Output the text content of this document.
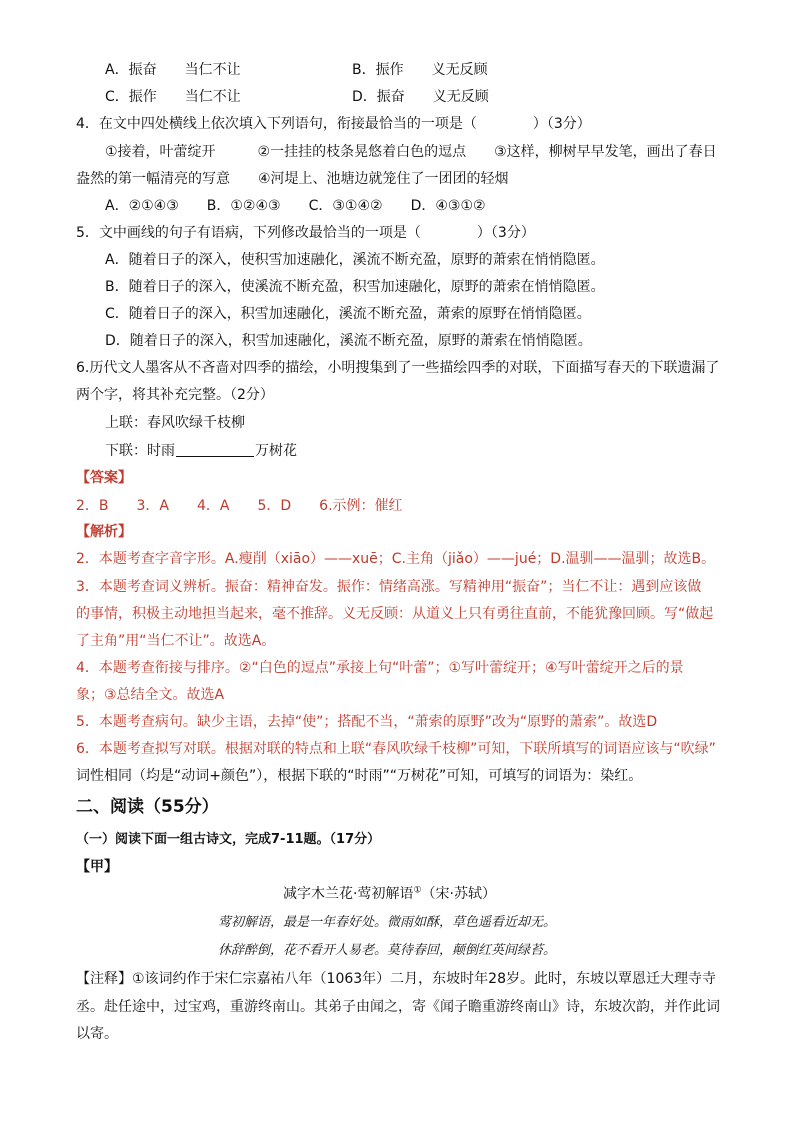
A．振奋　　当仁不让	B．振作　　义无反顾
C．振作　　当仁不让	D．振奋　　义无反顾
4．在文中四处横线上依次填入下列语句，衔接最恰当的一项是（　　　　）（3分）
①接着，叶蕾绽开　　　②一挂挂的枝条晃悠着白色的逗点　　③这样，柳树早早发笔，画出了春日
盎然的第一幅清亮的写意　　④河堤上、池塘边就笼住了一团团的轻烟
A．②①④③　　B．①②④③　　C．③①④②　　D．④③①②
5．文中画线的句子有语病，下列修改最恰当的一项是（　　　　）（3分）
A．随着日子的深入，使积雪加速融化，溪流不断充盈，原野的萧索在悄悄隐匿。
B．随着日子的深入，使溪流不断充盈，积雪加速融化，原野的萧索在悄悄隐匿。
C．随着日子的深入，积雪加速融化，溪流不断充盈，萧索的原野在悄悄隐匿。
D．随着日子的深入，积雪加速融化，溪流不断充盈，原野的萧索在悄悄隐匿。
6.历代文人墨客从不吝啬对四季的描绘，小明搜集到了一些描绘四季的对联，下面描写春天的下联遗漏了
两个字，将其补充完整。（2分）
上联：春风吹绿千枝柳
下联：时雨	万树花
【答案】
2．B　　3．A　　4．A　　5．D　　6.示例：催红
【解析】
2．本题考查字音字形。A.瘦削（xiāo）——xuē；C.主角（jiǎo）——jué；D.温驯——温驯；故选B。
3．本题考查词义辨析。振奋：精神奋发。振作：情绪高涨。写精神用“振奋”；当仁不让：遇到应该做
的事情，积极主动地担当起来，毫不推辞。义无反顾：从道义上只有勇往直前，不能犹豫回顾。写“做起
了主角”用“当仁不让”。故选A。
4．本题考查衔接与排序。②“白色的逗点”承接上句“叶蕾”；①写叶蕾绽开；④写叶蕾绽开之后的景
象；③总结全文。故选A
5．本题考查病句。缺少主语，去掉“使”；搭配不当，“萧索的原野”改为“原野的萧索”。故选D
6．本题考查拟写对联。根据对联的特点和上联“春风吹绿千枝柳”可知，下联所填写的词语应该与“吹绿”
词性相同（均是“动词+颜色”），根据下联的“时雨”“万树花”可知，可填写的词语为：染红。
二、阅读（55分）
（一）阅读下面一组古诗文，完成7-11题。（17分）
【甲】
减字木兰花·莺初解语①（宋·苏轼）
莺初解语，最是一年春好处。微雨如酥，草色遥看近却无。
休辞醉倒，花不看开人易老。莫待春回，颠倒红英间绿苔。
【注释】①该词约作于宋仁宗嘉祐八年（1063年）二月，东坡时年28岁。此时，东坡以覃恩迁大理寺寺
丞。赴任途中，过宝鸡，重游终南山。其弟子由闻之，寄《闻子瞻重游终南山》诗，东坡次韵，并作此词
以寄。
